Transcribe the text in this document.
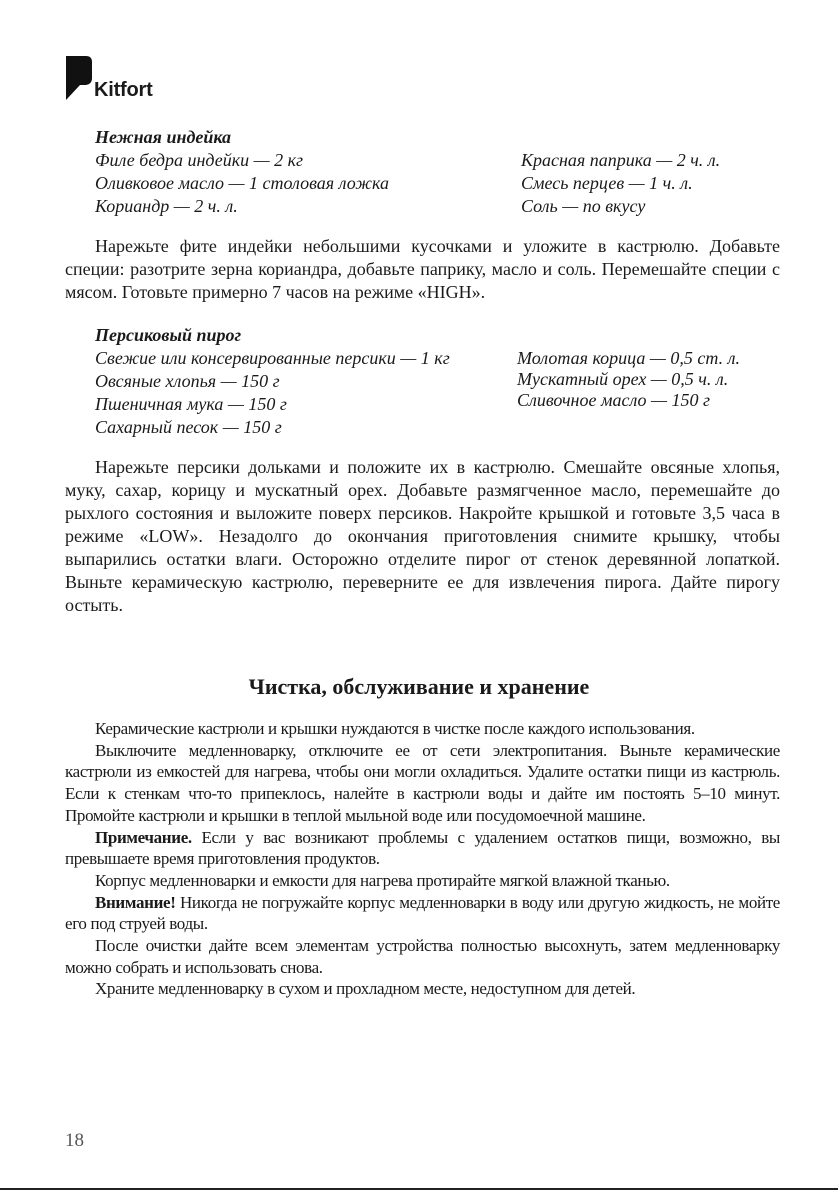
Kitfort
Нежная индейка
Филе бедра индейки — 2 кг	Красная паприка — 2 ч. л.
Оливковое масло — 1 столовая ложка	Смесь перцев — 1 ч. л.
Кориандр — 2 ч. л.	Соль — по вкусу

Нарежьте фите индейки небольшими кусочками и уложите в кастрюлю. Добавьте специи: разотрите зерна кориандра, добавьте паприку, масло и соль. Перемешайте специи с мясом. Готовьте примерно 7 часов на режиме «HIGH».

Персиковый пирог
Свежие или консервированные персики — 1 кг	Молотая корица — 0,5 ст. л.
Овсяные хлопья — 150 г	Мускатный орех — 0,5 ч. л.
Пшеничная мука — 150 г	Сливочное масло — 150 г
Сахарный песок — 150 г

Нарежьте персики дольками и положите их в кастрюлю. Смешайте овсяные хлопья, муку, сахар, корицу и мускатный орех. Добавьте размягченное масло, перемешайте до рыхлого состояния и выложите поверх персиков. Накройте крышкой и готовьте 3,5 часа в режиме «LOW». Незадолго до окончания приготовления снимите крышку, чтобы выпарились остатки влаги. Осторожно отделите пирог от стенок деревянной лопаткой. Выньте керамическую кастрюлю, переверните ее для извлечения пирога. Дайте пирогу остыть.

Чистка, обслуживание и хранение

Керамические кастрюли и крышки нуждаются в чистке после каждого использования.

Выключите медленноварку, отключите ее от сети электропитания. Выньте керамические кастрюли из емкостей для нагрева, чтобы они могли охладиться. Удалите остатки пищи из кастрюль. Если к стенкам что-то припеклось, налейте в кастрюли воды и дайте им постоять 5–10 минут. Промойте кастрюли и крышки в теплой мыльной воде или посудомоечной машине.

Примечание. Если у вас возникают проблемы с удалением остатков пищи, возможно, вы превышаете время приготовления продуктов.

Корпус медленноварки и емкости для нагрева протирайте мягкой влажной тканью.

Внимание! Никогда не погружайте корпус медленноварки в воду или другую жидкость, не мойте его под струей воды.

После очистки дайте всем элементам устройства полностью высохнуть, затем медленноварку можно собрать и использовать снова.

Храните медленноварку в сухом и прохладном месте, недоступном для детей.

18
